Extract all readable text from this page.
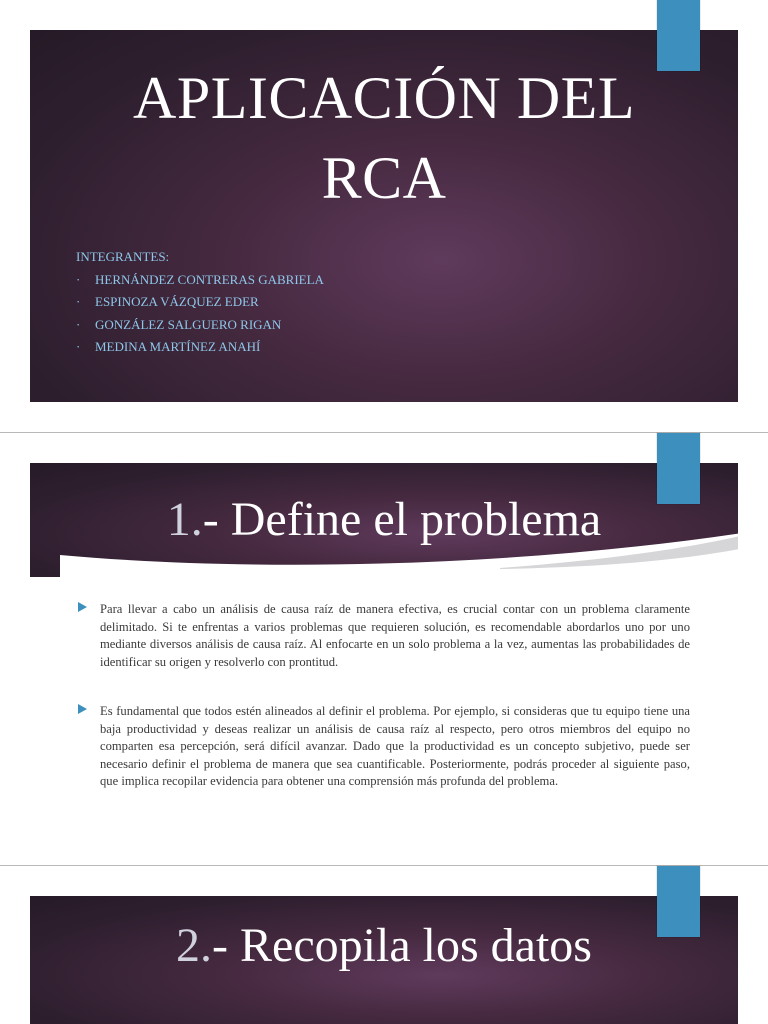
APLICACIÓN DEL
RCA
INTEGRANTES:
· HERNÁNDEZ CONTRERAS GABRIELA
· ESPINOZA VÁZQUEZ EDER
· GONZÁLEZ SALGUERO RIGAN
· MEDINA MARTÍNEZ ANAHÍ
1.- Define el problema

Para llevar a cabo un análisis de causa raíz de manera efectiva, es crucial contar con un problema claramente delimitado. Si te enfrentas a varios problemas que requieren solución, es recomendable abordarlos uno por uno mediante diversos análisis de causa raíz. Al enfocarte en un solo problema a la vez, aumentas las probabilidades de identificar su origen y resolverlo con prontitud.

Es fundamental que todos estén alineados al definir el problema. Por ejemplo, si consideras que tu equipo tiene una baja productividad y deseas realizar un análisis de causa raíz al respecto, pero otros miembros del equipo no comparten esa percepción, será difícil avanzar. Dado que la productividad es un concepto subjetivo, puede ser necesario definir el problema de manera que sea cuantificable. Posteriormente, podrás proceder al siguiente paso, que implica recopilar evidencia para obtener una comprensión más profunda del problema.

2.- Recopila los datos
